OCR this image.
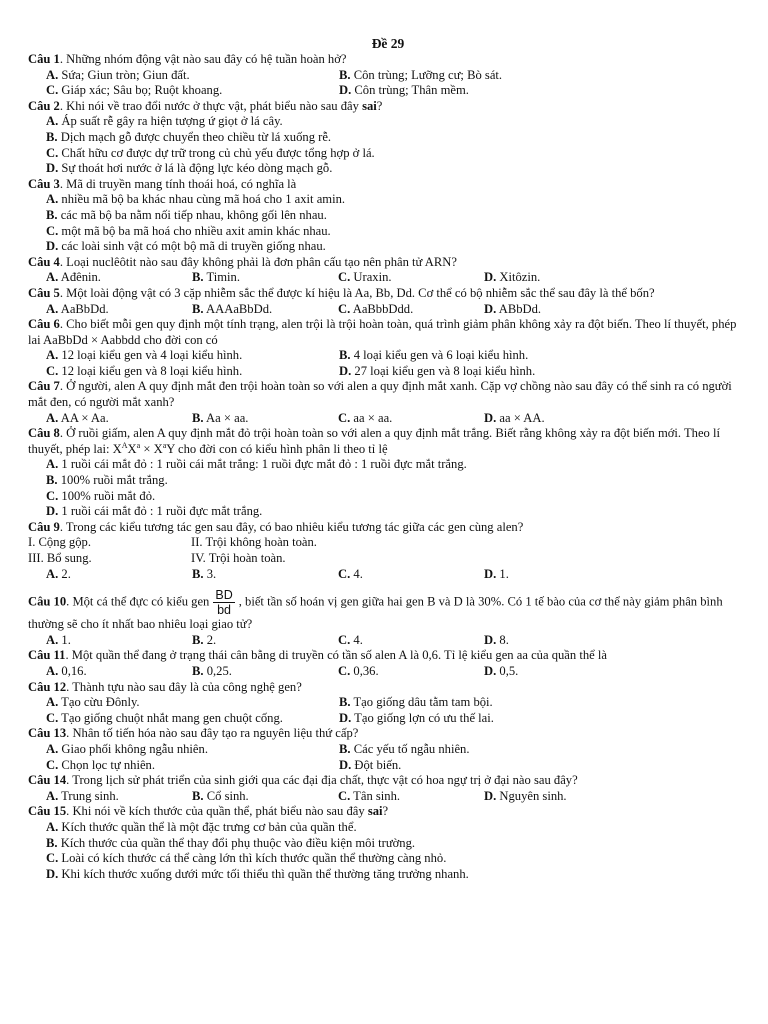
Đề 29
Câu 1. Những nhóm động vật nào sau đây có hệ tuần hoàn hở?
A. Sứa; Giun tròn; Giun đất.	B. Côn trùng; Lưỡng cư; Bò sát.
C. Giáp xác; Sâu bọ; Ruột khoang.	D. Côn trùng; Thân mềm.
Câu 2. Khi nói về trao đổi nước ở thực vật, phát biểu nào sau đây sai?
A. Áp suất rễ gây ra hiện tượng ứ giọt ở lá cây.
B. Dịch mạch gỗ được chuyển theo chiều từ lá xuống rễ.
C. Chất hữu cơ được dự trữ trong củ chủ yếu được tổng hợp ở lá.
D. Sự thoát hơi nước ở lá là động lực kéo dòng mạch gỗ.
Câu 3. Mã di truyền mang tính thoái hoá, có nghĩa là
A. nhiều mã bộ ba khác nhau cùng mã hoá cho 1 axit amin.
B. các mã bộ ba nằm nối tiếp nhau, không gối lên nhau.
C. một mã bộ ba mã hoá cho nhiều axit amin khác nhau.
D. các loài sinh vật có một bộ mã di truyền giống nhau.
Câu 4. Loại nuclêôtit nào sau đây không phải là đơn phân cấu tạo nên phân tử ARN?
A. Ađênin.	B. Timin.	C. Uraxin.	D. Xitôzin.
Câu 5. Một loài động vật có 3 cặp nhiễm sắc thể được kí hiệu là Aa, Bb, Dd. Cơ thể có bộ nhiễm sắc thể sau đây là thể bốn?
A. AaBbDd.	B. AAAaBbDd.	C. AaBbbDdd.	D. ABbDd.
Câu 6. Cho biết mỗi gen quy định một tính trạng, alen trội là trội hoàn toàn, quá trình giảm phân không xảy ra đột biến. Theo lí thuyết, phép lai AaBbDd × Aabbdd cho đời con có
A. 12 loại kiểu gen và 4 loại kiểu hình.	B. 4 loại kiểu gen và 6 loại kiểu hình.
C. 12 loại kiểu gen và 8 loại kiểu hình.	D. 27 loại kiểu gen và 8 loại kiểu hình.
Câu 7. Ở người, alen A quy định mắt đen trội hoàn toàn so với alen a quy định mắt xanh. Cặp vợ chồng nào sau đây có thể sinh ra có người mắt đen, có người mắt xanh?
A. AA × Aa.	B. Aa × aa.	C. aa × aa.	D. aa × AA.
Câu 8. Ở ruồi giấm, alen A quy định mắt đỏ trội hoàn toàn so với alen a quy định mắt trắng. Biết rằng không xảy ra đột biến mới. Theo lí thuyết, phép lai: $X^AX^a \times X^aY$ cho đời con có kiểu hình phân li theo tỉ lệ
A. 1 ruồi cái mắt đỏ : 1 ruồi cái mắt trắng: 1 ruồi đực mắt đỏ : 1 ruồi đực mắt trắng.
B. 100% ruồi mắt trắng.
C. 100% ruồi mắt đỏ.
D. 1 ruồi cái mắt đỏ : 1 ruồi đực mắt trắng.
Câu 9. Trong các kiểu tương tác gen sau đây, có bao nhiêu kiểu tương tác giữa các gen cùng alen?
I. Cộng gộp.	II. Trội không hoàn toàn.
III. Bổ sung.	IV. Trội hoàn toàn.
A. 2.	B. 3.	C. 4.	D. 1.
Câu 10. Một cá thể đực có kiểu gen $\frac{BD}{bd}$ , biết tần số hoán vị gen giữa hai gen B và D là 30%. Có 1 tế bào của cơ thể này giảm phân bình thường sẽ cho ít nhất bao nhiêu loại giao tử?
A. 1.	B. 2.	C. 4.	D. 8.
Câu 11. Một quần thể đang ở trạng thái cân bằng di truyền có tần số alen A là 0,6. Tỉ lệ kiểu gen aa của quần thể là
A. 0,16.	B. 0,25.	C. 0,36.	D. 0,5.
Câu 12. Thành tựu nào sau đây là của công nghệ gen?
A. Tạo cừu Đônly.	B. Tạo giống dâu tằm tam bội.
C. Tạo giống chuột nhắt mang gen chuột cống.	D. Tạo giống lợn có ưu thế lai.
Câu 13. Nhân tố tiến hóa nào sau đây tạo ra nguyên liệu thứ cấp?
A. Giao phối không ngẫu nhiên.	B. Các yếu tố ngẫu nhiên.
C. Chọn lọc tự nhiên.	D. Đột biến.
Câu 14. Trong lịch sử phát triển của sinh giới qua các đại địa chất, thực vật có hoa ngự trị ở đại nào sau đây?
A. Trung sinh.	B. Cổ sinh.	C. Tân sinh.	D. Nguyên sinh.
Câu 15. Khi nói về kích thước của quần thể, phát biểu nào sau đây sai?
A. Kích thước quần thể là một đặc trưng cơ bản của quần thể.
B. Kích thước của quần thể thay đổi phụ thuộc vào điều kiện môi trường.
C. Loài có kích thước cá thể càng lớn thì kích thước quần thể thường càng nhỏ.
D. Khi kích thước xuống dưới mức tối thiểu thì quần thể thường tăng trưởng nhanh.
